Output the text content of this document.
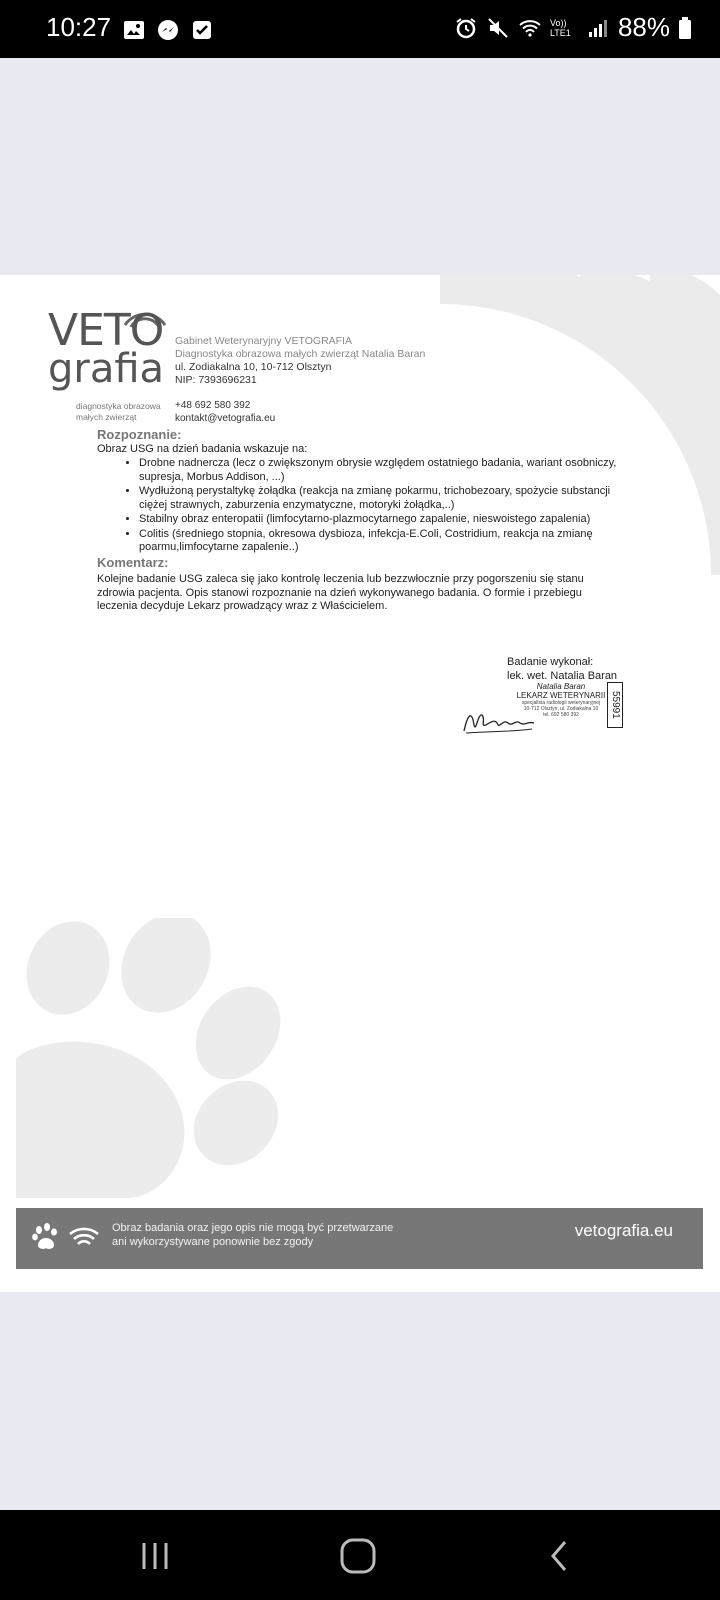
10:27	Vo)) LTE1 88%
VETO
grafia
diagnostyka obrazowa małych zwierząt
Gabinet Weterynaryjny VETOGRAFIA
Diagnostyka obrazowa małych zwierząt Natalia Baran
ul. Zodiakalna 10, 10-712 Olsztyn
NIP: 7393696231
+48 692 580 392
kontakt@vetografia.eu
Rozpoznanie:
Obraz USG na dzień badania wskazuje na:
• Drobne nadnercza (lecz o zwiększonym obrysie względem ostatniego badania, wariant osobniczy, supresja, Morbus Addison, ...)
• Wydłużoną perystaltykę żołądka (reakcja na zmianę pokarmu, trichobezoary, spożycie substancji ciężej strawnych, zaburzenia enzymatyczne, motoryki żołądka,..)
• Stabilny obraz enteropatii (limfocytarno-plazmocytarnego zapalenie, nieswoistego zapalenia)
• Colitis (średniego stopnia, okresowa dysbioza, infekcja-E.Coli, Costridium, reakcja na zmianę poarmu,limfocytarne zapalenie..)
Komentarz:
Kolejne badanie USG zaleca się jako kontrolę leczenia lub bezzwłocznie przy pogorszeniu się stanu zdrowia pacjenta. Opis stanowi rozpoznanie na dzień wykonywanego badania. O formie i przebiegu leczenia decyduje Lekarz prowadzący wraz z Właścicielem.
Badanie wykonał:
lek. wet. Natalia Baran
Natalia Baran
LEKARZ WETERYNARII
specjalista radiologii weterynaryjnej
10-712 Olsztyn, ul. Zodiakalna 10
tel. 692 580 392	55991
Obraz badania oraz jego opis nie mogą być przetwarzane
ani wykorzystywane ponownie bez zgody
vetografia.eu
